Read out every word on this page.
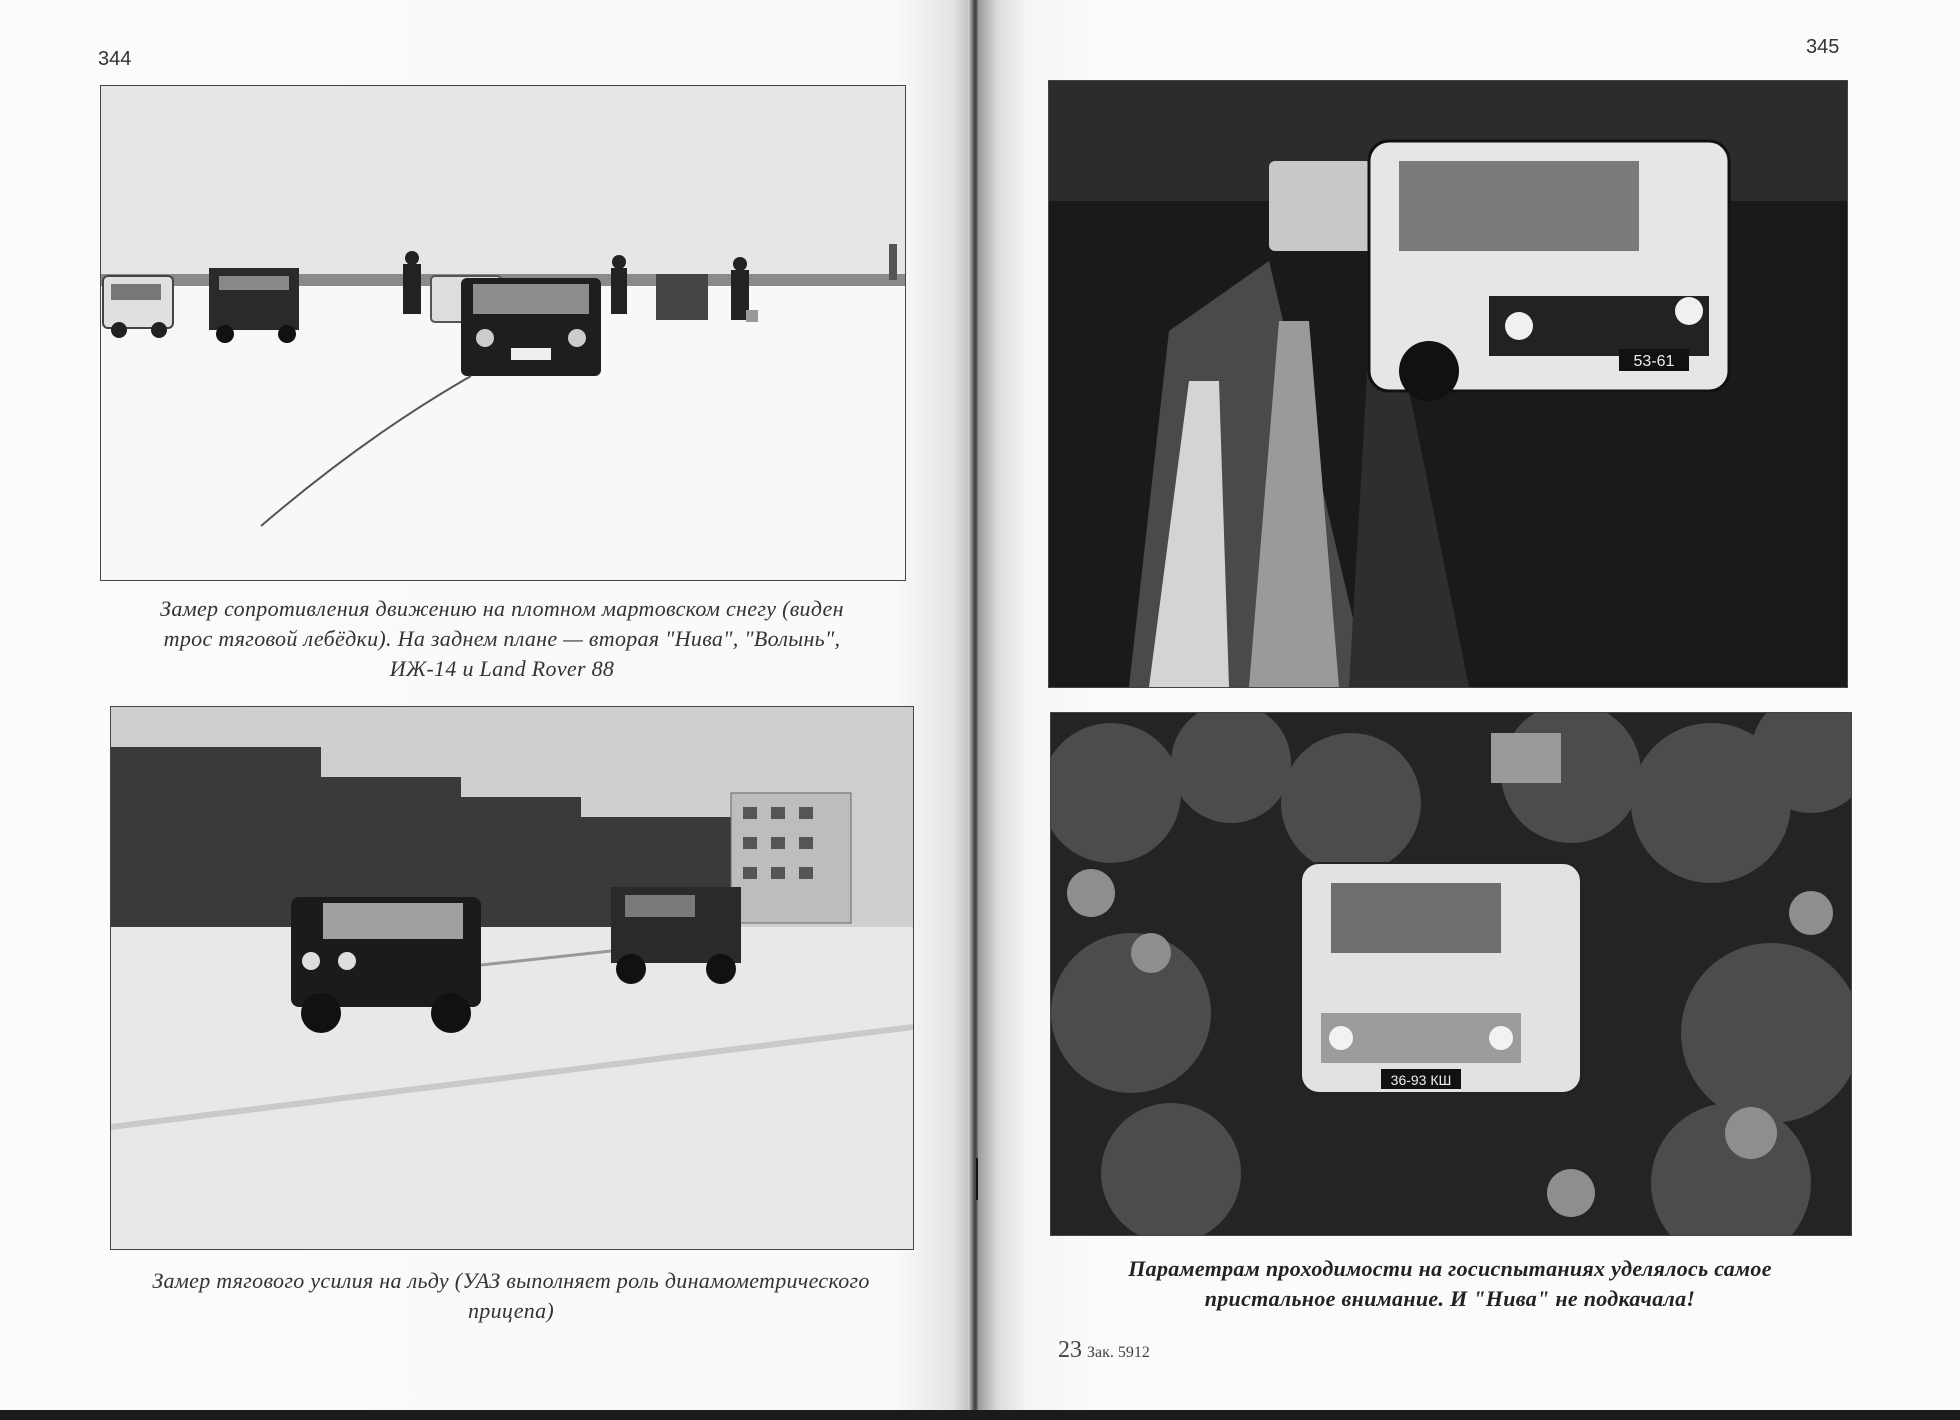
344
Замер сопротивления движению на плотном мартовском снегу (виден
трос тяговой лебёдки). На заднем плане — вторая "Нива", "Волынь",
ИЖ-14 и Land Rover 88
Замер тягового усилия на льду (УАЗ выполняет роль динамометрического
прицепа)
345
53-61
36-93 КШ
Параметрам проходимости на госиспытаниях уделялось самое
пристальное внимание. И "Нива" не подкачала!
23 Зак. 5912
